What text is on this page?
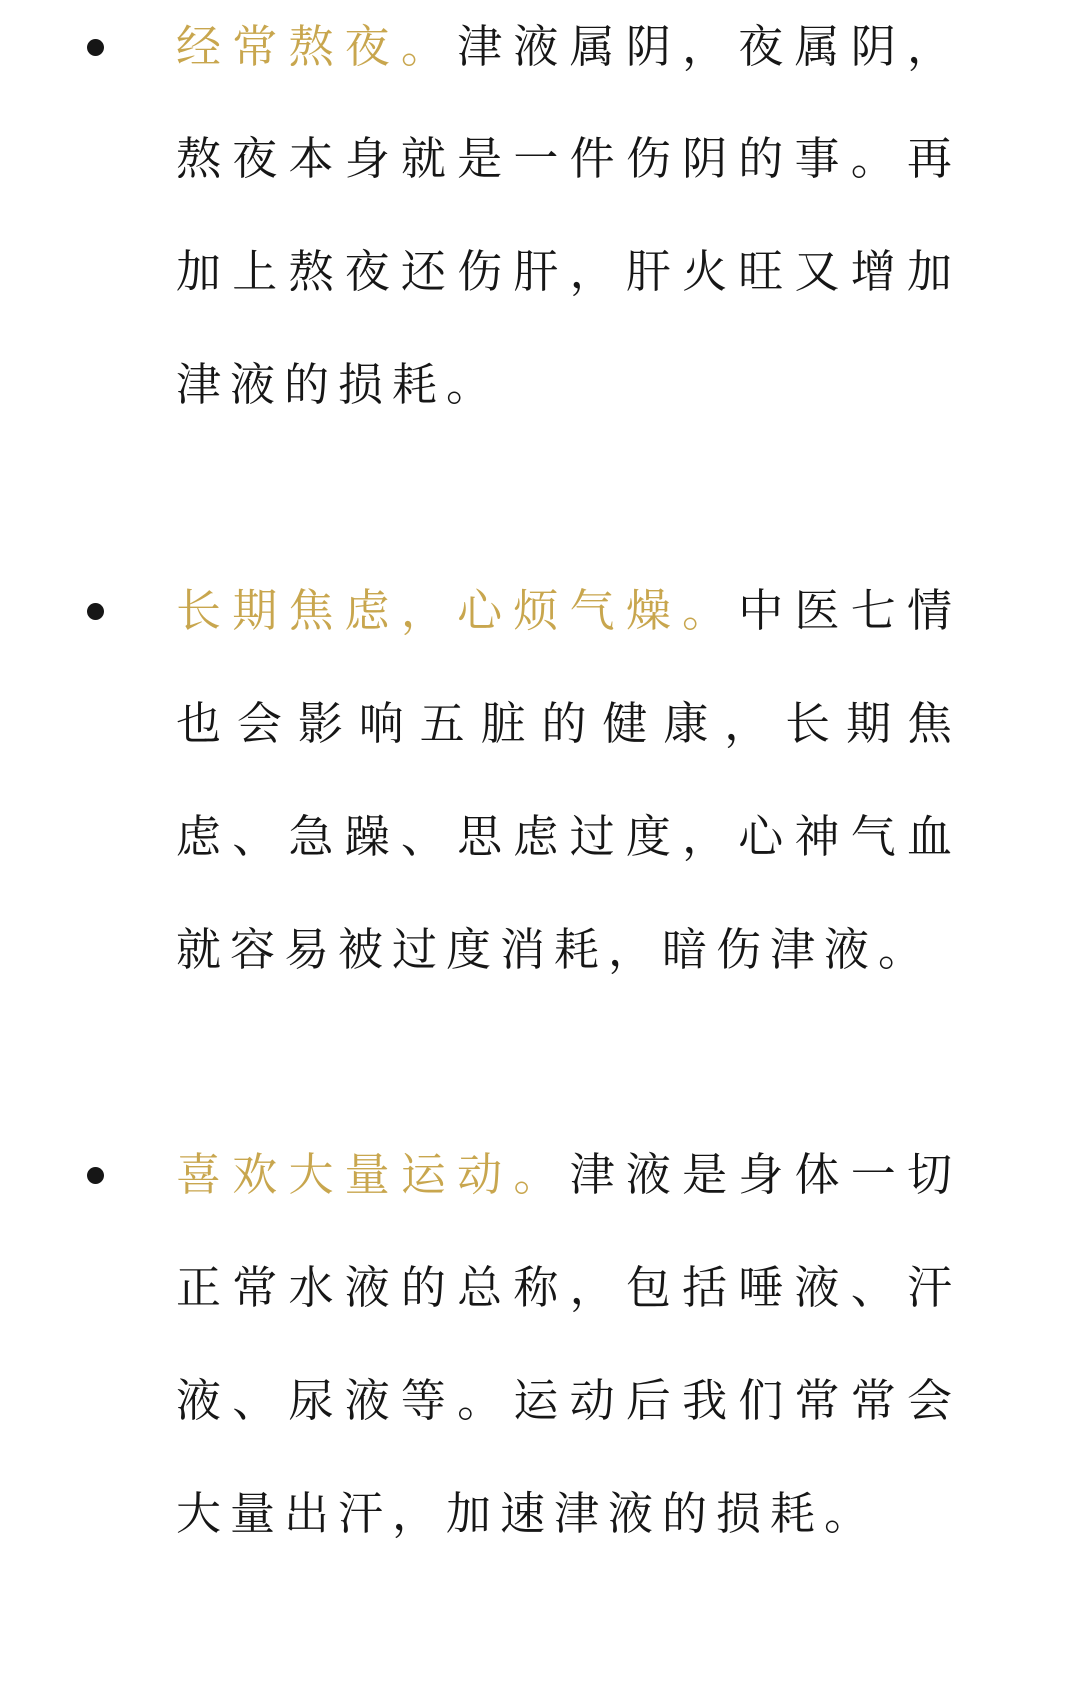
经常熬夜。津液属阴，夜属阴，
熬夜本身就是一件伤阴的事。再
加上熬夜还伤肝，肝火旺又增加
津液的损耗。
长期焦虑，心烦气燥。中医七情
也会影响五脏的健康，长期焦
虑、急躁、思虑过度，心神气血
就容易被过度消耗，暗伤津液。
喜欢大量运动。津液是身体一切
正常水液的总称，包括唾液、汗
液、尿液等。运动后我们常常会
大量出汗，加速津液的损耗。
